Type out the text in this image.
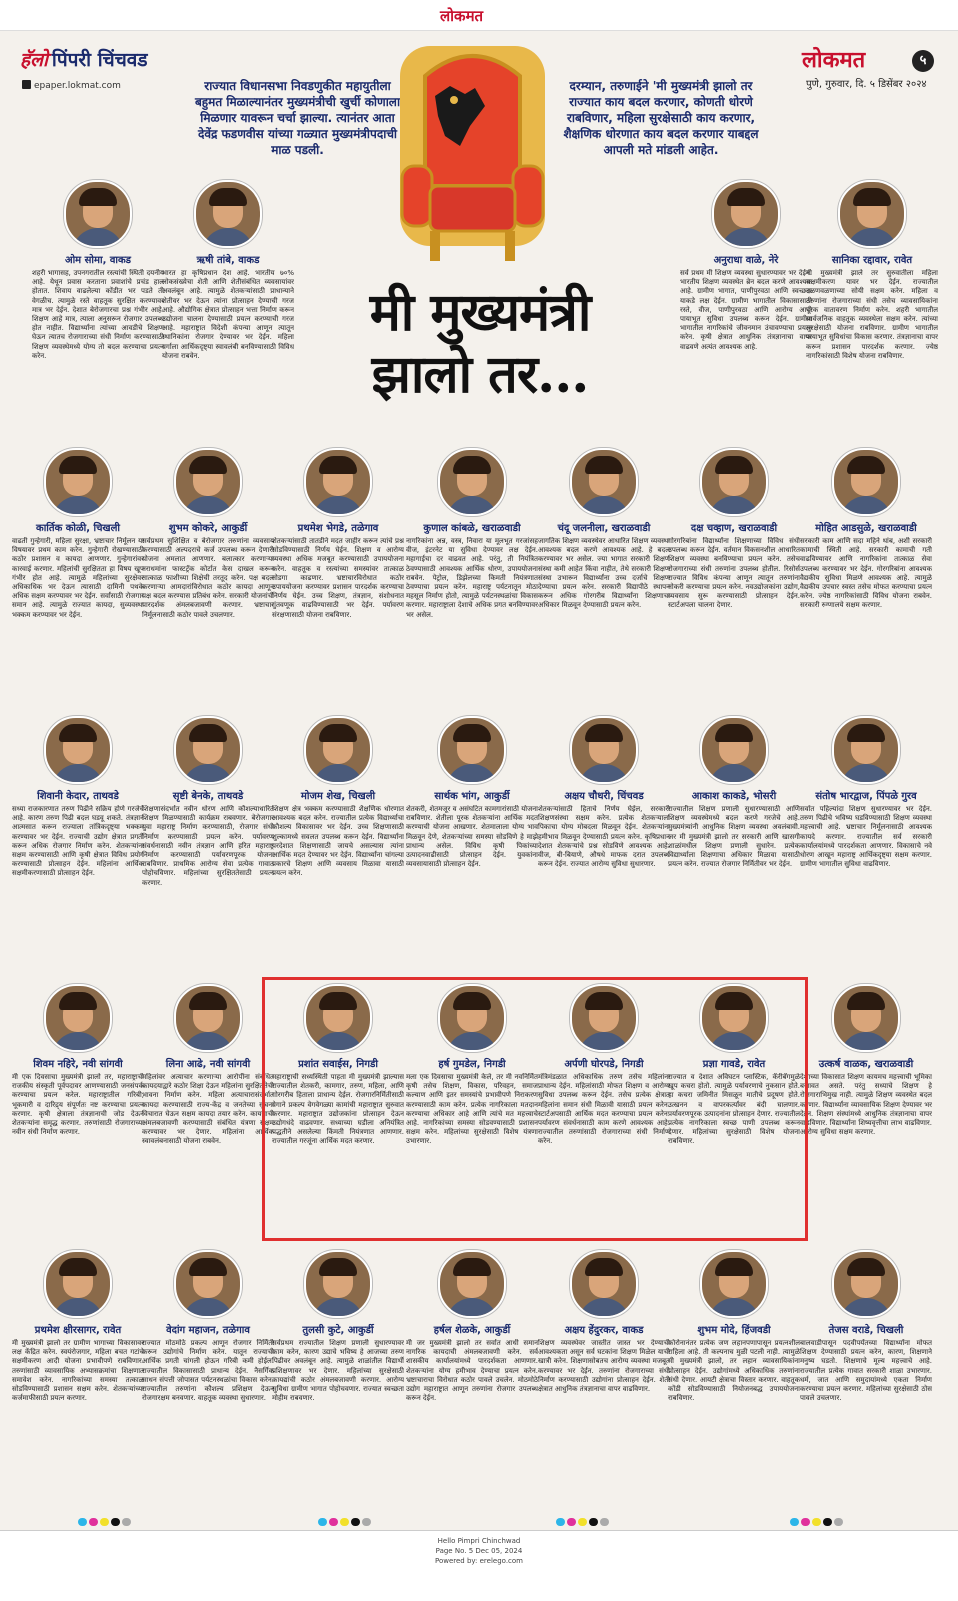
लोकमत
हॅलो पिंपरी चिंचवड
epaper.lokmat.com
लोकमत	५
पुणे, गुरुवार, दि. ५ डिसेंबर २०२४
राज्यात विधानसभा निवडणुकीत महायुतीला बहुमत मिळाल्यानंतर मुख्यमंत्रीची खुर्ची कोणाला मिळणार यावरून चर्चा झाल्या. त्यानंतर आता देवेंद्र फडणवीस यांच्या गळ्यात मुख्यमंत्रीपदाची माळ पडली.
दरम्यान, तरुणाईने 'मी मुख्यमंत्री झालो तर राज्यात काय बदल करणार, कोणती धोरणे राबविणार, महिला सुरक्षेसाठी काय करणार, शैक्षणिक धोरणात काय बदल करणार याबद्दल आपली मते मांडली आहेत.
मी मुख्यमंत्री
झालो तर...
ओम सोमा, वाकड
शहरी भागासह, उपनगरातील रस्त्यांची स्थिती दयनीय आहे. येथून प्रवास करताना प्रवाशांचे प्रचंड हाल होतात. शिवाय वाढलेल्या कोंडीत भर पडते ती वेगळीच. त्यामुळे रस्ते वाहतूक सुरक्षित करण्यावर मात्र भर देईन. देशात बेरोजगारचा प्रश्न गंभीर आहे. शिक्षण आहे मात्र, त्याला अनुसरून रोजगार उपलब्ध होत नाहीत. विद्यार्थ्यांना त्यांच्या आवडीचे शिक्षण घेऊन त्यातच रोजगाराच्या संधी निर्माण करण्यासाठी शिक्षण व्यवस्थेमध्ये योग्य तो बदल करण्याचा प्रयत्न करेन.
ऋषी तांबे, वाकड
भारत हा कृषिप्रधान देश आहे. भारतीय ७०% लोकसंख्येचा शेती आणि शेतीसंबंधित व्यवसायांवर अवलंबून आहे. त्यामुळे शेतकऱ्यांसाठी प्राधान्याने शेतीवर भर देऊन त्यांना प्रोत्साहन देण्याची गरज आहे. औद्योगिक क्षेत्रात प्रोत्साहन भत्ता निर्माण करून उद्योजना चालना देण्यासाठी प्रयत्न करण्याची गरज आहे. महाराष्ट्रात विदेशी कंपन्या आणून त्यातून स्थानिकांना रोजगार देण्यावर भर देईन. महिला वर्गाला आर्थिकदृष्ट्या स्वावलंबी बनविण्यासाठी विविध योजना राबवेन.
अनुराधा वाळे, नेरे
सर्व प्रथम मी शिक्षण व्यवस्था सुधारण्यावर भर देईन. भारतीय शिक्षण व्यवस्थेत ब्रेन बदल करणे आवश्यक आहे. ग्रामीण भागात, पाणीपुरवठा आणि स्वच्छता याकडे लक्ष देईन. ग्रामीण भागातील विकासासाठी रस्ते, वीज, पाणीपुरवठा आणि आरोग्य आदी पायाभूत सुविधा उपलब्ध करून देईन. ग्रामीण भागातील नागरिकांचे जीवनमान उंचावण्याचा प्रयत्न करेन. कृषी क्षेत्रात आधुनिक तंत्रज्ञानाचा वापर वाढवणे अत्यंत आवश्यक आहे.
सानिका रद्दावार, रावेत
मी मुख्यमंत्री झाले तर सुरुवातीला महिला सक्षमीकरण यावर भर देईन. राज्यातील दळणवळणाच्या सोयी सक्षम करेन. महिला व तरुणांना रोजगाराच्या संधी तसेच व्यावसायिकांना पूरक वातावरण निर्माण करेन. शहरी भागातील सार्वजनिक वाहतूक व्यवस्थेला सक्षम करेन. त्यांच्या सुरक्षेसाठी योजना राबविणार. ग्रामीण भागातील पायाभूत सुविधांचा विकास करणार. तंत्रज्ञानाचा वापर करून प्रशासन पारदर्शक करणार. ज्येष्ठ नागरिकांसाठी विशेष योजना राबविणार.
कार्तिक कोळी, चिखली
वाढती गुन्हेगारी, महिला सुरक्षा, भ्रष्टाचार निर्मूलन या विषयावर प्रथम काम करेन. गुन्हेगारी रोखण्यासाठी कठोर प्रशासन व कायदा आणणार. गुन्हेगारांवर कारवाई करणार. महिलांची सुरक्षितता हा विषय खूप गंभीर होत आहे. त्यामुळे महिलांच्या सुरक्षेवर अधिकाधिक भर देऊन त्यासाठी दामिनी पथके अधिक सक्षम करण्यावर भर देईन. सर्वांसाठी रोजगार समान आहे. त्यामुळे राज्यात कायदा, सुव्यवस्था भक्कम करण्यावर भर देईन.
शुभम कोकरे, आकुर्डी
सर्वप्रथम सुशिक्षित व बेरोजगार तरुणांना व्यवसाय करण्यासाठी अल्पदराचे कर्ज उपलब्ध करून देणारी योजना अमलात आणणार. बलात्कार करणाऱ्या नराधमांना फास्टट्रॅक कोर्टात केस दाखल करून तात्काळ फाशीच्या शिक्षेची तरतूद करेन. पक्ष बदल करणाऱ्या आमदारांविरोधात कठोर कायदा आणून पक्ष बदल करण्यास प्रतिबंध करेन. सरकारी योजनांची पारदर्शक अंमलबजावणी करणार. भ्रष्टाचार निर्मूलनासाठी कठोर पावले उचलणार.
प्रथमेश भेगडे, तळेगाव
शेतकऱ्यांसाठी तातडीने मदत जाहीर करून त्यांचे प्रश्न सोडविण्यासाठी निर्णय घेईन. शिक्षण व आरोग्य व्यवस्था अधिक मजबूत करण्यासाठी उपाययोजना करेन. वाहतूक व रस्त्यांच्या समस्यांवर तात्काळ तोडगा काढणार. भ्रष्टाचारविरोधात कठोर उपाययोजना करण्यावर प्रशासन पारदर्शक करण्याचा निर्णय घेईन. उच्च शिक्षण, तंत्रज्ञान, संशोधनात गुंतवणूक वाढविण्यासाठी भर देईन. पर्यावरण संरक्षणासाठी योजना राबविणार.
कुणाल कांबळे, खराळवाडी
नागरिकांना अन्न, वस्त्र, निवारा या मूलभूत गरजांसह वीज, इंटरनेट या सुविधा देण्यावर लक्ष देईन. महागाईचा दर वाढवत आहे. परंतु, ती नियंत्रित ठेवण्यासाठी आवश्यक आर्थिक धोरण, उपाययोजना राबवेन. पेट्रोल, डिझेलच्या किमती नियंत्रणात ठेवण्याचा प्रयत्न करेन. महाराष्ट्र पर्यटनातून मोठा महसूल निर्माण होतो, त्यामुळे पर्यटनस्थळांचा विकास करणार. महाराष्ट्राला देशाचे अधिक प्रगत बनविण्यावर भर असेल.
चंदू जलनीला, खराळवाडी
जागतिक शिक्षण व्यवस्थेवर आधारित शिक्षण व्यवस्था आवश्यक बदल करणे आवश्यक आहे. हे बदल करण्यावर भर असेल. ज्या भागात सरकारी शिक्षण संस्था कमी आहेत किंवा नाहीत, तेथे सरकारी शिक्षण संस्था उभारून विद्यार्थ्यांना उच्च दर्जाचे शिक्षण देण्याचा प्रयत्न करेन. सरकारी विद्यापीठे स्थापन करून अधिक गोरगरीब विद्यार्थ्यांना शिक्षणाचा अधिकार मिळवून देण्यासाठी प्रयत्न करेन.
दक्ष चव्हाण, खराळवाडी
गोरगरिबांना विद्यार्थ्यांना शिक्षणाच्या विविध संधी उपलब्ध करून देईन. वर्तमान विकसनशील आधारित शिक्षण व्यवस्था बनविण्याचा प्रयत्न करेन. तसेच रोजगाराच्या संधी तरुणांना उपलब्ध होतील. रिसोर्स राज्यात विविध कंपन्या आणून त्यातून तरुणांना नोकरी करण्याचा प्रयत्न करेन. नवउद्योजकांना उद्योग, व्यवसाय सुरू करण्यासाठी प्रोत्साहन देईन. स्टार्टअपला चालना देणार.
मोहित आडसुळे, खराळवाडी
सरकारी काम आणि सदा महिने थांब, अशी सरकारी कामाची स्थिती आहे. सरकारी कामाची गती वाढविण्यावर आणि नागरिकांना तात्काळ सेवा उपलब्ध करण्यावर भर देईन. गोरगरिबांना आवश्यक वैद्यकीय सुविधा मिळणे आवश्यक आहे. त्यामुळे वैद्यकीय उपचार स्वस्त तसेच मोफत करण्याचा प्रयत्न करेन. ज्येष्ठ नागरिकांसाठी विविध योजना राबवेन. सरकारी रुग्णालये सक्षम करणार.
शिवानी केदार, ताथवडे
सध्या राजकारणात तरुण पिढीने सक्रिय होणे गरजेचे आहे. कारण तरुण पिढी बदल घडवू शकते. तंत्रज्ञान आत्मसात करून राज्याला तांत्रिकदृष्ट्या भक्कम करण्यावर भर देईन. राज्याची उद्योग क्षेत्रात प्रगती करून अधिक रोजगार निर्माण करेन. शेतकऱ्यांना सक्षम करण्यासाठी आणि कृषी क्षेत्रात विविध प्रयोग करण्यासाठी प्रोत्साहन देईन. महिलांना आर्थिक सक्षमीकरणासाठी प्रोत्साहन देईन.
सृष्टी बेनके, ताथवडे
शिक्षणासंदर्भात नवीन धोरण आणि कौशल्याधारित शिक्षण मिळण्यासाठी कार्यक्रम राबवणार. बेरोजगार युवा महाराष्ट्र निर्माण करण्यासाठी, रोजगार संधी निर्माण करण्यासाठी प्रयत्न करेन. पर्यावरण संवर्धनासाठी नवीन तंत्रज्ञान आणि हरित महाराष्ट्र निर्माण करण्यासाठी पर्यावरणपूरक योजना राबविणार. प्राथमिक आरोग्य सेवा प्रत्येक गावात पोहोचविणार. महिलांच्या सुरक्षिततेसाठी प्रयत्न करणार.
मोजम शेख, चिखली
शिक्षण क्षेत्र भक्कम करण्यासाठी शैक्षणिक धोरणात आवश्यक बदल करेन. राज्यातील प्रत्येक विद्यार्थ्याचा कौशल्य विकासावर भर देईन. उच्च शिक्षणासाठी शुल्कामध्ये सवलत उपलब्ध करून देईन. विद्यार्थ्यांना परदेशात शिक्षणासाठी जायचे असल्यास त्यांना आर्थिक मदत देण्यावर भर देईन. विद्यार्थ्यांना चांगल्या प्रकारचे शिक्षण आणि व्यवसाय मिळावा यासाठी प्रयत्न करेन.
सार्थक भांग, आकुर्डी
शेतकरी, शेतमजूर व असंघटित कामगारांसाठी योजना राबविणार. शेतीला पूरक शेतकऱ्यांना आर्थिक मदत करण्याची योजना आखणार. शेतमालाला योग्य भाव मिळवून देणे, शेतकऱ्यांच्या समस्या सोडविणे हे माझे प्राधान्य असेल. विविध कृषी पिकांच्या उत्पादनवाढीसाठी प्रोत्साहन देईन. युवकांना व्यवसायासाठी प्रोत्साहन देईन.
अक्षय चौधरी, चिंचवड
शेतकऱ्यांसाठी हिताचे निर्णय घेईल, सरकारी शिक्षणसंस्था सक्षम करेन. प्रत्येक शेतकऱ्याला पिकाचा योग्य मोबदला मिळवून देईन. शेतकऱ्यांना हमीभाव मिळवून देण्यासाठी प्रयत्न करेन. कृषिप्रधान देशात शेतकऱ्यांचे प्रश्न सोडविणे आवश्यक आहे. वीज, बी-बियाणे, औषधे माफक दरात उपलब्ध करून देईन. राज्यात आरोग्य सुविधा सुधारणार.
आकाश काकडे, भोसरी
राज्यातील शिक्षण प्रणाली सुधारण्यासाठी आणि शिक्षण व्यवस्थेमध्ये बदल करणे गरजेचे आहे. मुख्यमंत्र्यांनी आधुनिक शिक्षण व्यवस्था अवलंबावी. जर मी मुख्यमंत्री झालो तर सरकारी आणि खासगी शाळांमधील शिक्षण प्रणाली सुधारेन. प्रत्येक विद्यार्थ्याला शिक्षणाचा अधिकार मिळावा यासाठी प्रयत्न करेन. राज्यात रोजगार निर्मितीवर भर देईन.
संतोष भारद्वाज, पिंपळे गुरव
सर्वात पहिल्यांदा शिक्षण सुधारण्यावर भर देईन. तरुण पिढीचे भविष्य घडविण्यासाठी शिक्षण व्यवस्था महत्त्वाची आहे. भ्रष्टाचार निर्मूलनासाठी आवश्यक कायदे करणार. राज्यातील सर्व सरकारी कार्यालयांमध्ये पारदर्शकता आणणार. विकासाचे नवे धोरण आखून महाराष्ट्र आर्थिकदृष्ट्या सक्षम करणार. ग्रामीण भागातील सुविधा वाढविणार.
शिवम नहिरे, नवी सांगवी
मी एक दिवसाचा मुख्यमंत्री झालो तर, महाराष्ट्राची राजकीय संस्कृती पूर्वपदावर आणण्यासाठी जनसंपर्क करण्याचा प्रयत्न करेल. महाराष्ट्रातील गरिबी, भूकमारी व दारिद्र्य संपूर्णतः नष्ट करण्याचा प्रयत्न करणार. कृषी क्षेत्राला तंत्रज्ञानाची जोड देऊन शेतकऱ्यांना समृद्ध करणार. तरुणांसाठी रोजगाराच्या नवीन संधी निर्माण करणार.
लिना आढे, नवी सांगवी
महिलांवर अत्याचार करणाऱ्या आरोपींना संबंधित कायदयाद्वारे कठोर शिक्षा देऊन महिलांना सुरक्षिततेची भावना निर्माण करेन. महिला अत्याचारासंदर्भात कायदा करण्यासाठी राज्य-केंद्र व जनतेच्या सूचना विचारात घेऊन सक्षम कायदा तयार करेन. कायद्याची अंमलबजावणी करण्यासाठी संबंधित यंत्रणा सक्षम करण्यावर भर देणार. महिलांना आर्थिक स्वावलंबनासाठी योजना राबवेन.
प्रशांत सवाईस, निगडी
महाराष्ट्राची सध्यस्थिती पाहता मी मुख्यमंत्री झाल्यास राज्यातील शेतकरी, कामगार, तरुण, महिला, आणि गोरगरीब हिताला प्राधान्य देईल. रोजगारनिर्मितीसाठी वेगाने प्रकल्प वेगवेगळ्या कामांची महाराष्ट्रात सुरुवात करणार. महाराष्ट्रात उद्योजकांना प्रोत्साहन देऊन उद्योगधंदे वाढवणार. सध्याच्या घडीला अनियंत्रित पद्धतीने असलेल्या किंमती नियंत्रणात आणणार. राज्यातील गरजूंना आर्थिक मदत करणार.
हर्ष गुमडेल, निगडी
मला एक दिवसाचा मुख्यमंत्री केले, तर मी नवनिर्मित कृषी तसेच शिक्षण, विकास, परिवहन, समाज कल्याण आणि इतर समस्यांचे प्रभावीपणे निराकरण करण्यासाठी काम करेन. प्रत्येक नागरिकाला मतदान करण्याचा अधिकार आहे आणि त्यांचे मत महत्त्वाचे आहे. नागरिकांच्या समस्या सोडवण्यासाठी प्रशासन सक्षम करेन. महिलांच्या सुरक्षेसाठी विशेष यंत्रणा उभारणार.
अर्पणी घोरपडे, निगडी
मंत्रिमंडळात अधिकाधिक तरुण तसेच महिलांना प्राधान्य देईन. महिलांसाठी मोफत शिक्षण व आरोग्य सुविधा उपलब्ध करून देईन. तसेच प्रत्येक क्षेत्रात महिलांना समान संधी मिळावी यासाठी प्रयत्न करेन. स्टार्टअपसाठी आर्थिक मदत करण्याचा प्रयत्न करेन. पर्यावरण संवर्धनासाठी काम करणे आवश्यक आहे. राज्यातील तरुणांसाठी रोजगाराच्या संधी निर्माण करेन.
प्रज्ञा गावडे, रावेत
राज्यात व देशात अविघटन प्लास्टिक, कॅरीबॅगमुळे खूप कचरा होतो. त्यामुळे पर्यावरणाचे नुकसान होते. हा कचरा जमिनीत मिसळून मातीचे प्रदूषण होते. उत्खनन व वापरकर्त्यांवर बंदी घालणार. पर्यावरणपूरक उत्पादनांना प्रोत्साहन देणार. राज्यातील प्रत्येक नागरिकाला स्वच्छ पाणी उपलब्ध करून देणार. महिलांच्या सुरक्षेसाठी विशेष योजना राबविणार.
उत्कर्ष वाळक, खराळवाडी
देशाच्या विकासात शिक्षण कायमच महत्त्वाची भूमिका बजावत असते. परंतु सध्याचे शिक्षण हे रोजगाराभिमुख नाही. त्यामुळे शिक्षण व्यवस्थेत बदल करणार. विद्यार्थ्यांना व्यावसायिक शिक्षण देण्यावर भर देईन. शिक्षण संस्थांमध्ये आधुनिक तंत्रज्ञानाचा वापर वाढविणार. विद्यार्थ्यांना शिष्यवृत्तीचा लाभ वाढविणार. आरोग्य सुविधा सक्षम करणार.
प्रथमेश क्षीरसागर, रावेत
मी मुख्यमंत्री झालो तर ग्रामीण भागाच्या विकासावर लक्ष केंद्रित करेन. स्वयंरोजगार, महिला बचत गटांचे सक्षमीकरण आदी योजना प्रभावीपणे राबविणार. तरुणांसाठी व्यावसायिक अभ्यासक्रमांचा शिक्षणात समावेश करेन. नागरिकांच्या समस्या तत्काळ सोडविण्यासाठी प्रशासन सक्षम करेन. शेतकऱ्यांच्या कर्जमाफीसाठी प्रयत्न करणार.
वेदांग महाजन, तळेगाव
राज्यात मोठमोठे प्रकल्प आणून रोजगार निर्मिती करून उद्योगांचे निर्माण करेन. यातून राज्याची आर्थिक प्रगती चांगली होऊन गरिबी कमी होईल. राज्यातील विकासासाठी प्राधान्य देईन. नैसर्गिक साधन संपत्ती जोपासत पर्यटनस्थळांचा विकास करेन. राज्यातील तरुणांना कौशल्य प्रशिक्षण देऊन रोजगारक्षम बनवणार. वाहतूक व्यवस्था सुधारणार.
तुलसी कुटे, आकुर्डी
सर्वप्रथम राज्यातील शिक्षण प्रणाली सुधारण्यावर काम करेन, कारण उद्याचे भविष्य हे आजच्या तरुण पिढीवर अवलंबून आहे. त्यामुळे शाळांतील विद्यार्थी प्रशिक्षणावर भर देणार. महिलांच्या सुरक्षेसाठी कायद्यांची कठोर अंमलबजावणी करणार. आरोग्य सुविधा ग्रामीण भागात पोहोचवणार. राज्यात स्वच्छता मोहीम राबवणार.
हर्षल शेळके, आकुर्डी
मी जर मुख्यमंत्री झालो तर सर्वात आधी समान नागरिक कायदाची अंमलबजावणी करेन. सर्व शासकीय कार्यालयांमध्ये पारदर्शकता आणणार. शेतकऱ्यांना योग्य हमीभाव देण्याचा प्रयत्न करेन. भ्रष्टाचाराचा विरोधात कठोर पावले उचलेन. मोठमोठे उद्योग महाराष्ट्रात आणून तरुणांना रोजगार उपलब्ध करून देईन.
अक्षय हेंदुरकर, वाकड
शिक्षण व्यवस्थेवर जास्तीत जास्त भर देण्याची आवश्यकता असून सर्व घटकांना शिक्षण मिळेल याची खात्री करेन. शिक्षणासोबतच आरोग्य व्यवस्था मजबूत करण्यावर भर देईन. तरुणांना रोजगाराच्या संधी निर्माण करण्यासाठी उद्योगांना प्रोत्साहन देईन. शेती क्षेत्रात आधुनिक तंत्रज्ञानाचा वापर वाढविणार.
शुभम मोदे, हिंजवडी
कोरोनानंतर प्रत्येक जण लहानपणापासून प्रयत्नशील राहिला आहे. ती कल्पनाच मुळी पटली नाही. त्यामुळे मी मुख्यमंत्री झालो, तर लहान व्यावसायिकांना प्रोत्साहन देईन. उद्योगांमध्ये अधिकाधिक तरुणांना संधी देणार. आयटी क्षेत्राचा विस्तार करणार. वाहतूक कोंडी सोडविण्यासाठी नियोजनबद्ध उपाययोजना राबविणार.
तेजस वराडे, चिखली
बालवाडीपासून पदवीपर्यंतच्या विद्यार्थ्यांना मोफत शिक्षण देण्यासाठी प्रयत्न करेन, कारण, शिक्षणाने मनुष्य घडतो. शिक्षणाचे मूल्य महत्त्वाचे आहे. राज्यातील प्रत्येक गावात सरकारी शाळा उभारणार. धर्म, जात आणि समुदायांमध्ये एकता निर्माण करण्याचा प्रयत्न करणार. महिलांच्या सुरक्षेसाठी ठोस पावले उचलणार.
Hello Pimpri Chinchwad
Page No. 5 Dec 05, 2024
Powered by: erelego.com
